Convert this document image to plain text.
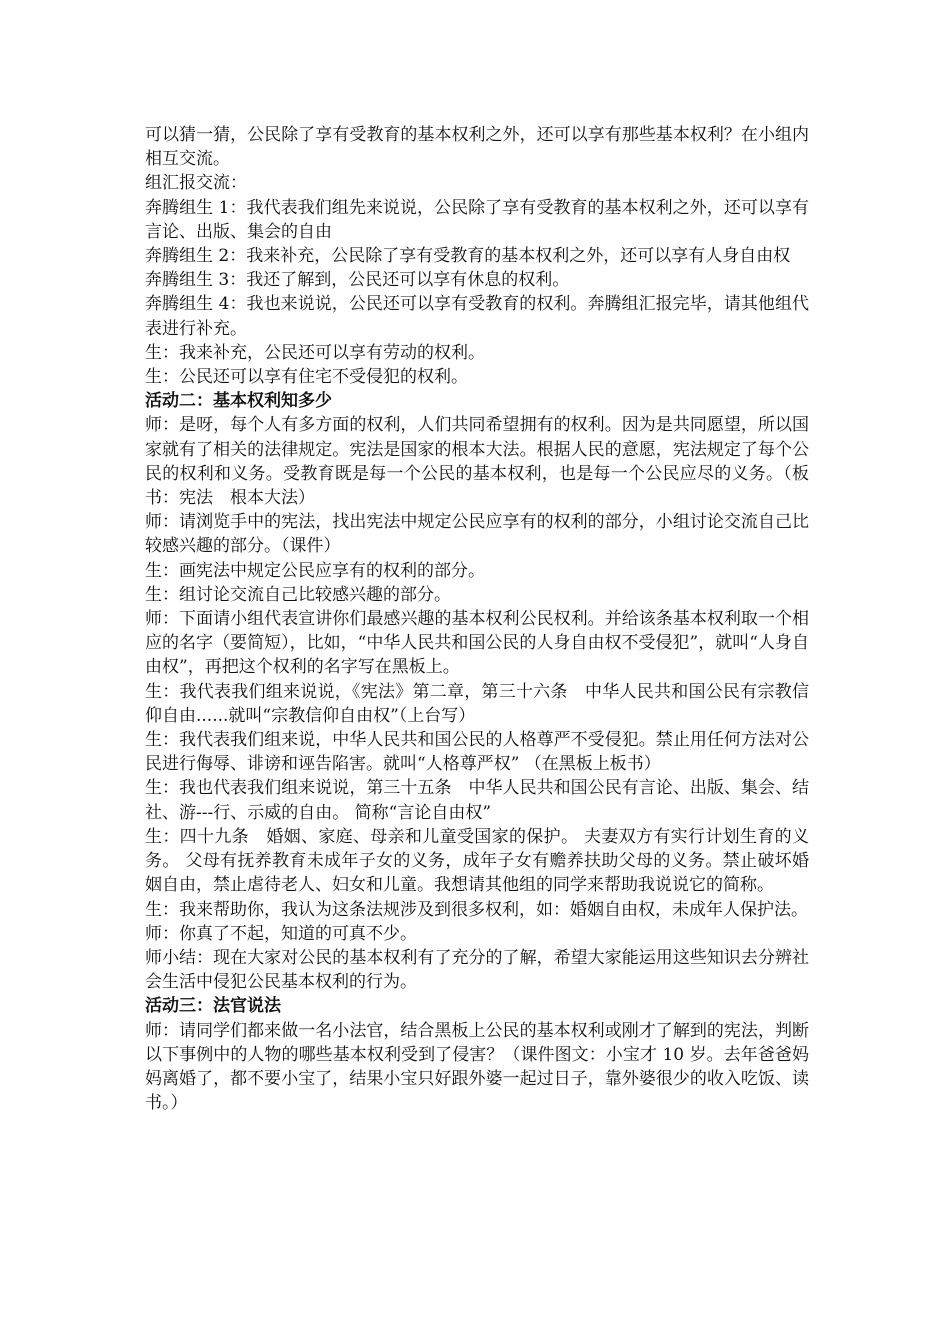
可以猜一猜，公民除了享有受教育的基本权利之外，还可以享有那些基本权利？在小组内相互交流。

组汇报交流：

奔腾组生 1：我代表我们组先来说说，公民除了享有受教育的基本权利之外，还可以享有言论、出版、集会的自由

奔腾组生 2：我来补充，公民除了享有受教育的基本权利之外，还可以享有人身自由权

奔腾组生 3：我还了解到，公民还可以享有休息的权利。

奔腾组生 4：我也来说说，公民还可以享有受教育的权利。奔腾组汇报完毕，请其他组代表进行补充。

生：我来补充，公民还可以享有劳动的权利。

生：公民还可以享有住宅不受侵犯的权利。

活动二：基本权利知多少

师：是呀，每个人有多方面的权利，人们共同希望拥有的权利。因为是共同愿望，所以国家就有了相关的法律规定。宪法是国家的根本大法。根据人民的意愿，宪法规定了每个公民的权利和义务。受教育既是每一个公民的基本权利，也是每一个公民应尽的义务。（板书：宪法　根本大法）

师：请浏览手中的宪法，找出宪法中规定公民应享有的权利的部分，小组讨论交流自己比较感兴趣的部分。（课件）

生：画宪法中规定公民应享有的权利的部分。

生：组讨论交流自己比较感兴趣的部分。

师：下面请小组代表宣讲你们最感兴趣的基本权利公民权利。并给该条基本权利取一个相应的名字（要简短），比如，“中华人民共和国公民的人身自由权不受侵犯”，就叫“人身自由权”，再把这个权利的名字写在黑板上。

生：我代表我们组来说说，《宪法》第二章，第三十六条　中华人民共和国公民有宗教信仰自由......就叫“宗教信仰自由权”（上台写）

生：我代表我们组来说，中华人民共和国公民的人格尊严不受侵犯。禁止用任何方法对公民进行侮辱、诽谤和诬告陷害。就叫“人格尊严权” （在黑板上板书）

生：我也代表我们组来说说，第三十五条　中华人民共和国公民有言论、出版、集会、结社、游---行、示威的自由。 简称“言论自由权”

生：四十九条　婚姻、家庭、母亲和儿童受国家的保护。 夫妻双方有实行计划生育的义务。 父母有抚养教育未成年子女的义务，成年子女有赡养扶助父母的义务。禁止破坏婚姻自由，禁止虐待老人、妇女和儿童。我想请其他组的同学来帮助我说说它的简称。

生：我来帮助你，我认为这条法规涉及到很多权利，如：婚姻自由权，未成年人保护法。

师：你真了不起，知道的可真不少。

师小结：现在大家对公民的基本权利有了充分的了解，希望大家能运用这些知识去分辨社会生活中侵犯公民基本权利的行为。

活动三：法官说法

师：请同学们都来做一名小法官，结合黑板上公民的基本权利或刚才了解到的宪法，判断以下事例中的人物的哪些基本权利受到了侵害？（课件图文：小宝才 10 岁。去年爸爸妈妈离婚了，都不要小宝了，结果小宝只好跟外婆一起过日子，靠外婆很少的收入吃饭、读书。）
